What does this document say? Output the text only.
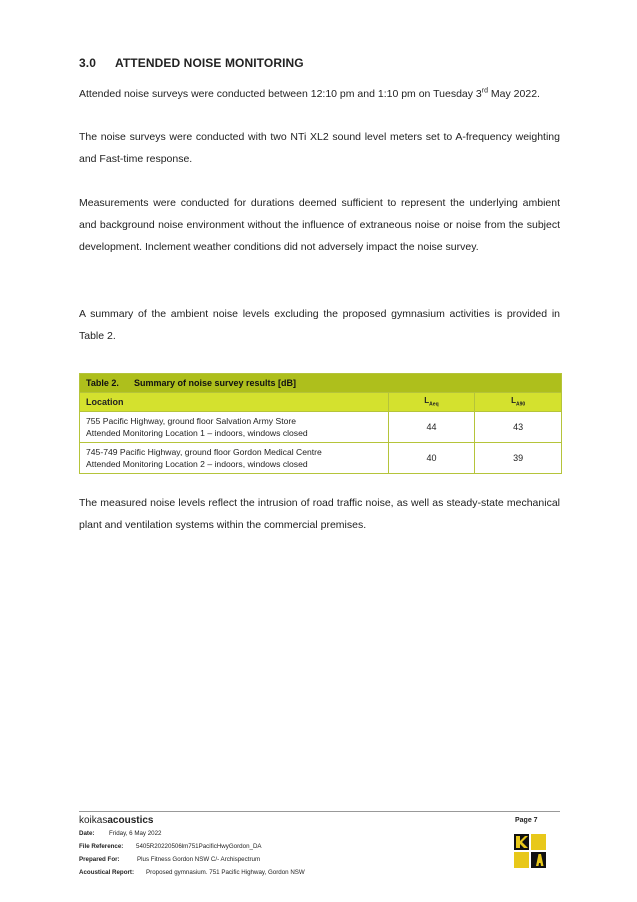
3.0 ATTENDED NOISE MONITORING
Attended noise surveys were conducted between 12:10 pm and 1:10 pm on Tuesday 3rd May 2022.
The noise surveys were conducted with two NTi XL2 sound level meters set to A-frequency weighting and Fast-time response.
Measurements were conducted for durations deemed sufficient to represent the underlying ambient and background noise environment without the influence of extraneous noise or noise from the subject development. Inclement weather conditions did not adversely impact the noise survey.
A summary of the ambient noise levels excluding the proposed gymnasium activities is provided in Table 2.
Table 2. Summary of noise survey results [dB]		
Location	$L_{Aeq}$	$L_{A90}$

755 Pacific Highway, ground floor Salvation Army Store
Attended Monitoring Location 1 – indoors, windows closed	44	43

745-749 Pacific Highway, ground floor Gordon Medical Centre
Attended Monitoring Location 2 – indoors, windows closed	40	39
The measured noise levels reflect the intrusion of road traffic noise, as well as steady-state mechanical plant and ventilation systems within the commercial premises.
koikasacoustics	Page 7
Date: Friday, 6 May 2022
File Reference: 5405R20220506lm751PacificHwyGordon_DA
Prepared For:	Plus Fitness Gordon NSW C/- Archispectrum
Acoustical Report: Proposed gymnasium. 751 Pacific Highway, Gordon NSW
